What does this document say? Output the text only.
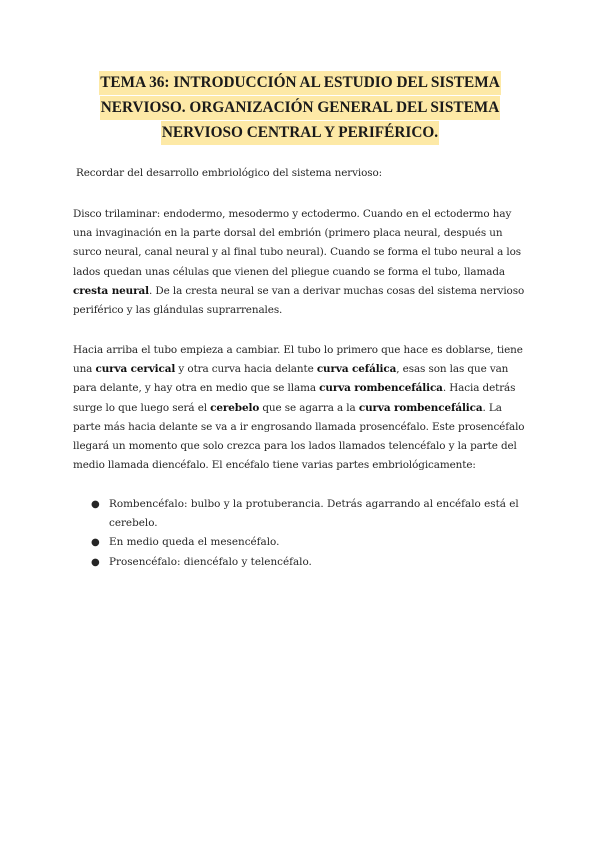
TEMA 36: INTRODUCCIÓN AL ESTUDIO DEL SISTEMA
NERVIOSO. ORGANIZACIÓN GENERAL DEL SISTEMA
NERVIOSO CENTRAL Y PERIFÉRICO.

Recordar del desarrollo embriológico del sistema nervioso:

Disco trilaminar: endodermo, mesodermo y ectodermo. Cuando en el ectodermo hay una invaginación en la parte dorsal del embrión (primero placa neural, después un surco neural, canal neural y al final tubo neural). Cuando se forma el tubo neural a los lados quedan unas células que vienen del pliegue cuando se forma el tubo, llamada cresta neural. De la cresta neural se van a derivar muchas cosas del sistema nervioso periférico y las glándulas suprarrenales.

Hacia arriba el tubo empieza a cambiar. El tubo lo primero que hace es doblarse, tiene una curva cervical y otra curva hacia delante curva cefálica, esas son las que van para delante, y hay otra en medio que se llama curva rombencefálica. Hacia detrás surge lo que luego será el cerebelo que se agarra a la curva rombencefálica. La parte más hacia delante se va a ir engrosando llamada prosencéfalo. Este prosencéfalo llegará un momento que solo crezca para los lados llamados telencéfalo y la parte del medio llamada diencéfalo. El encéfalo tiene varias partes embriológicamente:

● Rombencéfalo: bulbo y la protuberancia. Detrás agarrando al encéfalo está el cerebelo.
● En medio queda el mesencéfalo.
● Prosencéfalo: diencéfalo y telencéfalo.
